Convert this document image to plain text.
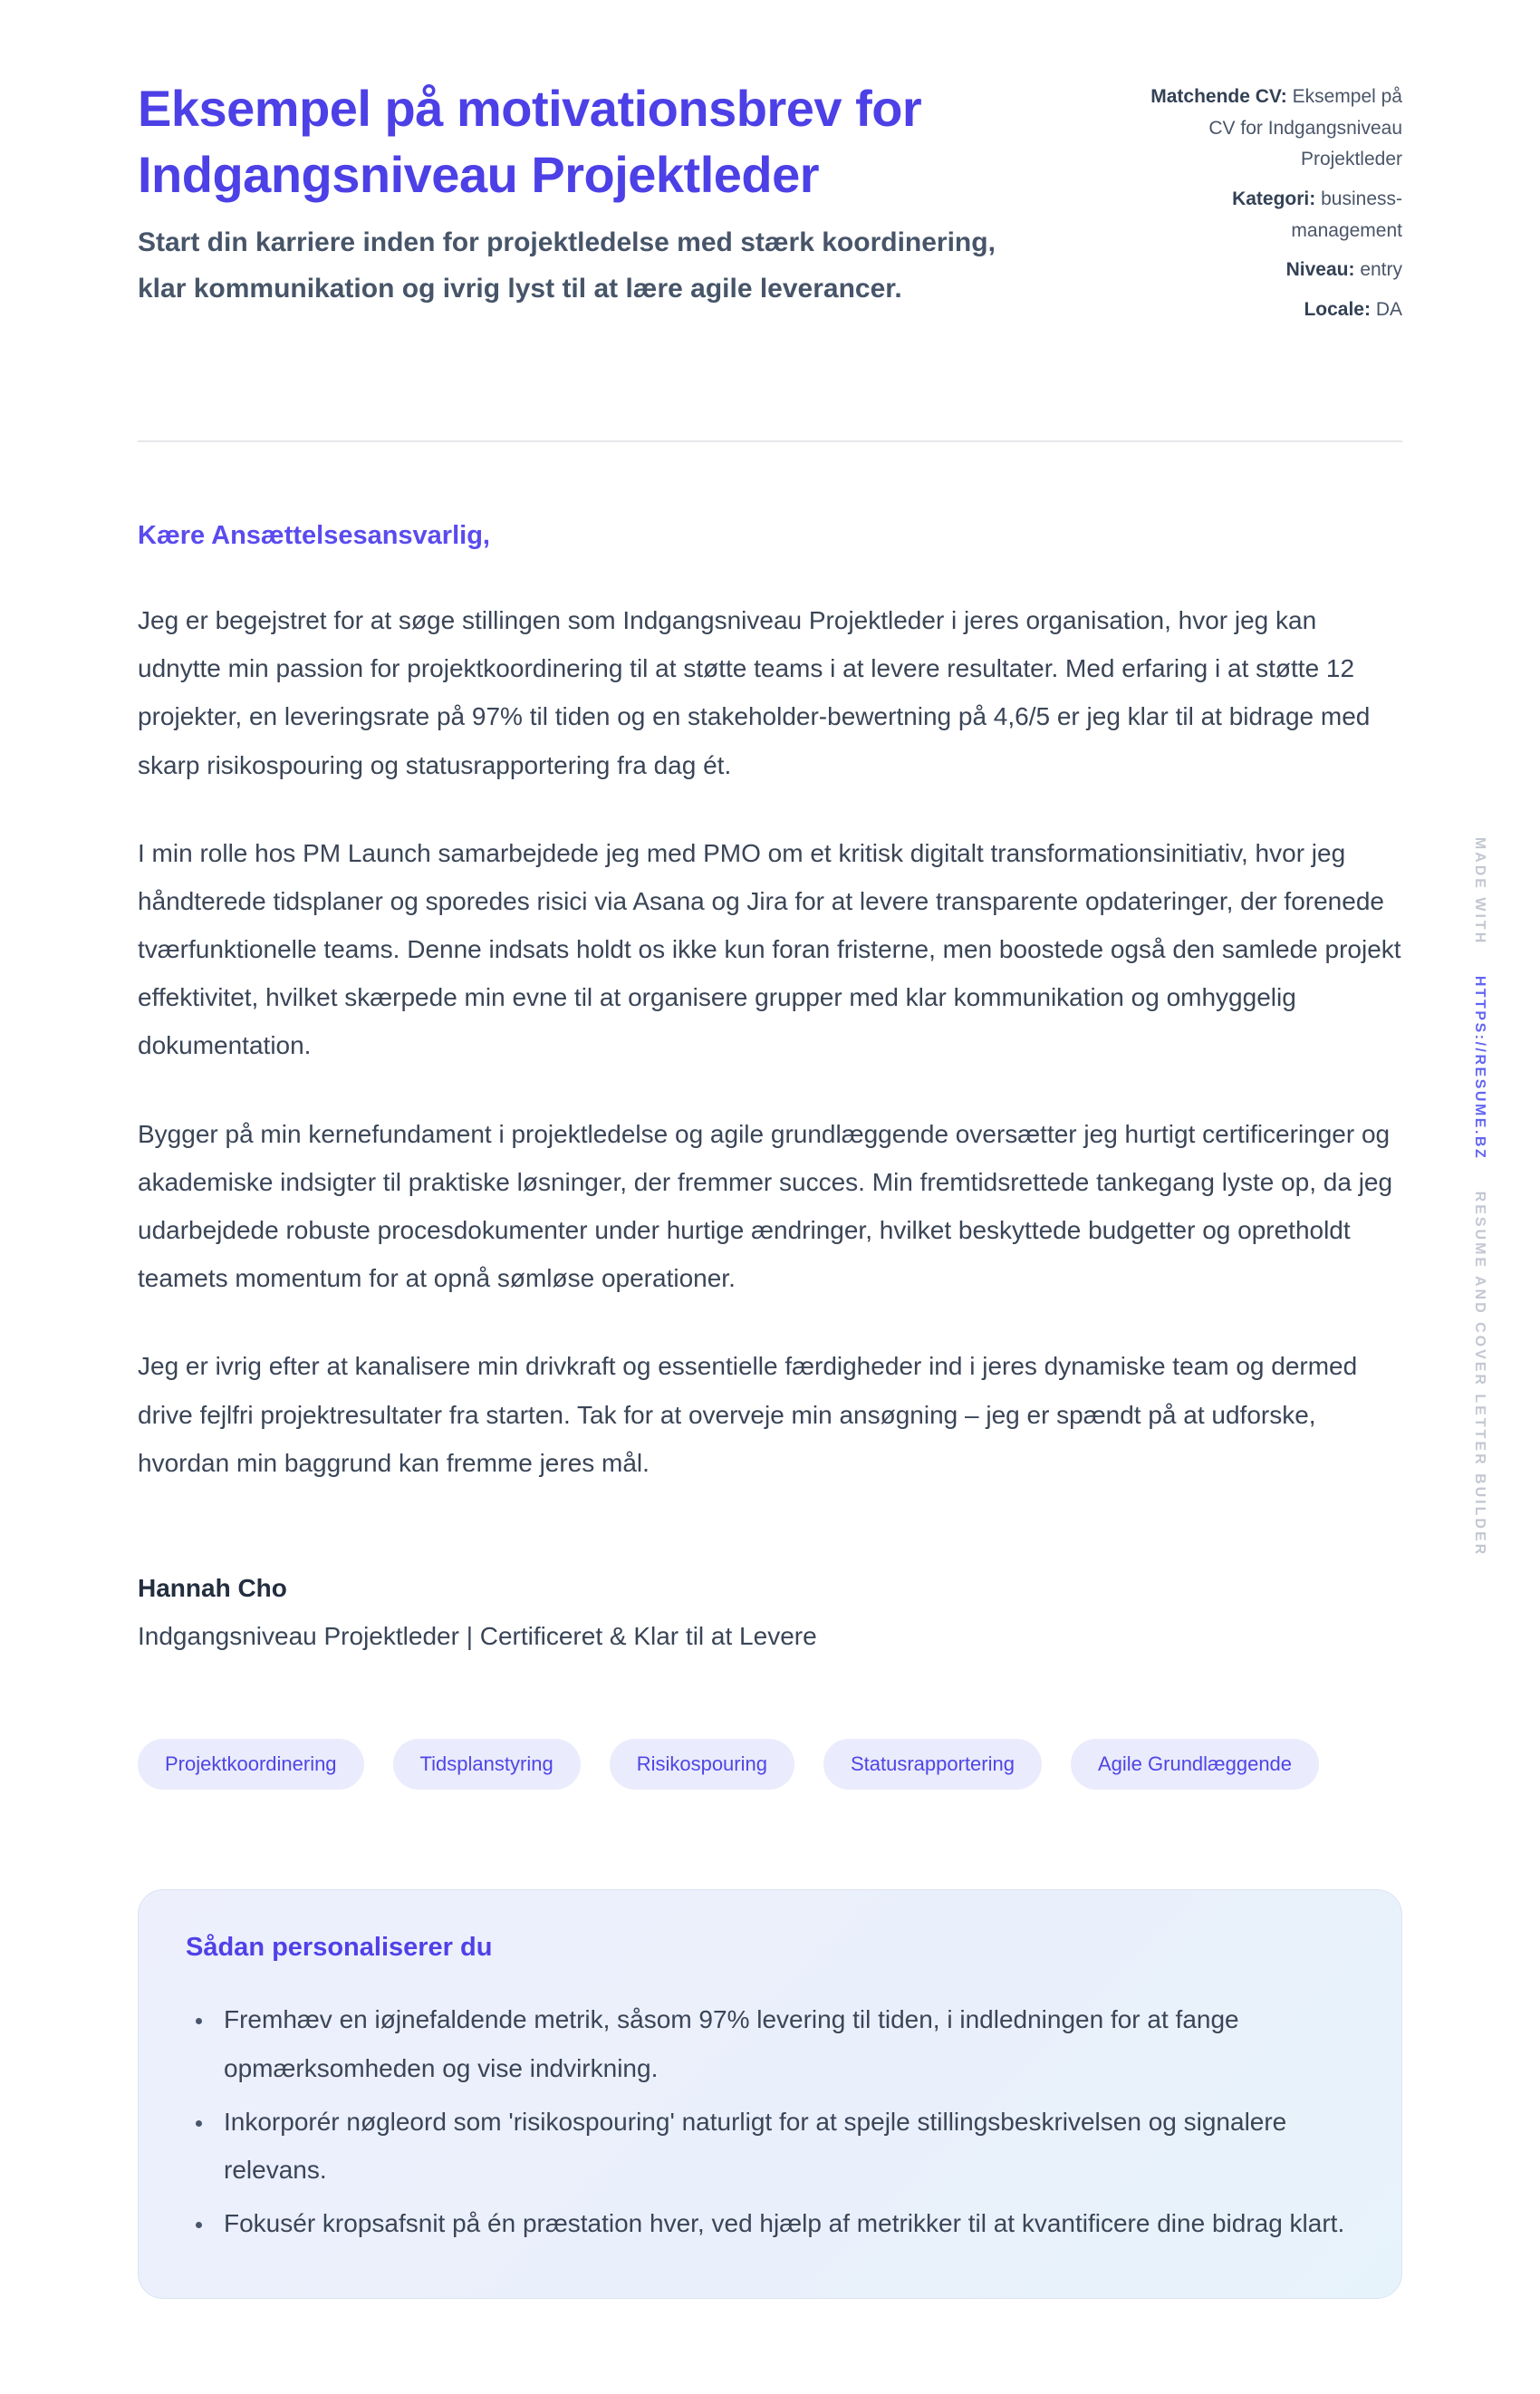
Eksempel på motivationsbrev for Indgangsniveau Projektleder

Start din karriere inden for projektledelse med stærk koordinering, klar kommunikation og ivrig lyst til at lære agile leverancer.

Matchende CV: Eksempel på CV for Indgangsniveau Projektleder
Kategori: business-management
Niveau: entry
Locale: DA

Kære Ansættelsesansvarlig,

Jeg er begejstret for at søge stillingen som Indgangsniveau Projektleder i jeres organisation, hvor jeg kan udnytte min passion for projektkoordinering til at støtte teams i at levere resultater. Med erfaring i at støtte 12 projekter, en leveringsrate på 97% til tiden og en stakeholder-bewertning på 4,6/5 er jeg klar til at bidrage med skarp risikospouring og statusrapportering fra dag ét.

I min rolle hos PM Launch samarbejdede jeg med PMO om et kritisk digitalt transformationsinitiativ, hvor jeg håndterede tidsplaner og sporedes risici via Asana og Jira for at levere transparente opdateringer, der forenede tværfunktionelle teams. Denne indsats holdt os ikke kun foran fristerne, men boostede også den samlede projekt effektivitet, hvilket skærpede min evne til at organisere grupper med klar kommunikation og omhyggelig dokumentation.

Bygger på min kernefundament i projektledelse og agile grundlæggende oversætter jeg hurtigt certificeringer og akademiske indsigter til praktiske løsninger, der fremmer succes. Min fremtidsrettede tankegang lyste op, da jeg udarbejdede robuste procesdokumenter under hurtige ændringer, hvilket beskyttede budgetter og opretholdt teamets momentum for at opnå sømløse operationer.

Jeg er ivrig efter at kanalisere min drivkraft og essentielle færdigheder ind i jeres dynamiske team og dermed drive fejlfri projektresultater fra starten. Tak for at overveje min ansøgning – jeg er spændt på at udforske, hvordan min baggrund kan fremme jeres mål.

Hannah Cho

Indgangsniveau Projektleder | Certificeret & Klar til at Levere

Projektkoordinering	Tidsplanstyring	Risikospouring	Statusrapportering	Agile Grundlæggende
Sådan personaliserer du
• Fremhæv en iøjnefaldende metrik, såsom 97% levering til tiden, i indledningen for at fange opmærksomheden og vise indvirkning.
• Inkorporér nøgleord som 'risikospouring' naturligt for at spejle stillingsbeskrivelsen og signalere relevans.
• Fokusér kropsafsnit på én præstation hver, ved hjælp af metrikker til at kvantificere dine bidrag klart.
MADE WITHHTTPS://RESUME.BZRESUME AND COVER LETTER BUILDER
